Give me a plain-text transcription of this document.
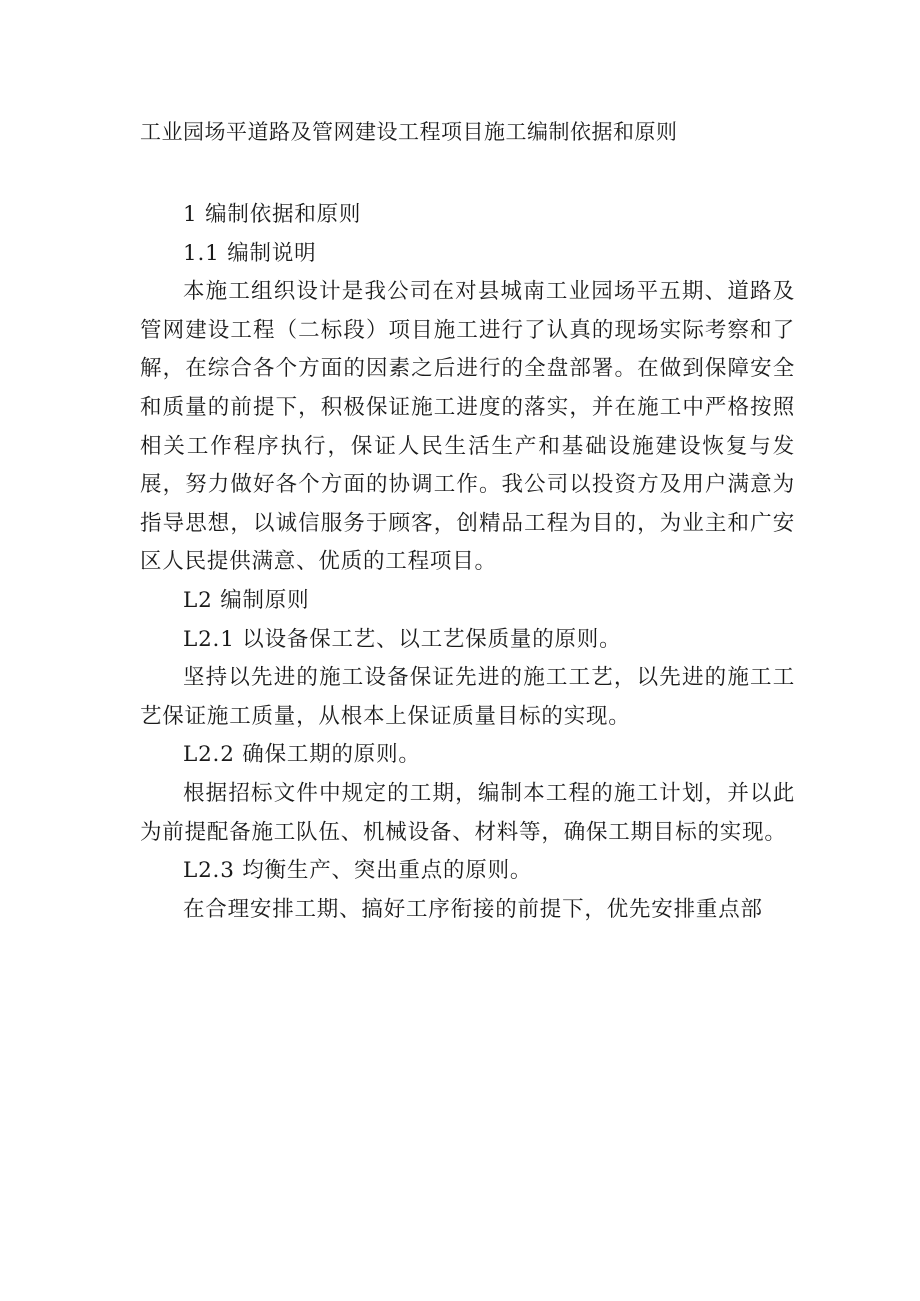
工业园场平道路及管网建设工程项目施工编制依据和原则

1 编制依据和原则

1.1 编制说明

本施工组织设计是我公司在对县城南工业园场平五期、道路及管网建设工程（二标段）项目施工进行了认真的现场实际考察和了解，在综合各个方面的因素之后进行的全盘部署。在做到保障安全和质量的前提下，积极保证施工进度的落实，并在施工中严格按照相关工作程序执行，保证人民生活生产和基础设施建设恢复与发展，努力做好各个方面的协调工作。我公司以投资方及用户满意为指导思想，以诚信服务于顾客，创精品工程为目的，为业主和广安区人民提供满意、优质的工程项目。

L2 编制原则

L2.1 以设备保工艺、以工艺保质量的原则。

坚持以先进的施工设备保证先进的施工工艺，以先进的施工工艺保证施工质量，从根本上保证质量目标的实现。

L2.2 确保工期的原则。

根据招标文件中规定的工期，编制本工程的施工计划，并以此为前提配备施工队伍、机械设备、材料等，确保工期目标的实现。

L2.3 均衡生产、突出重点的原则。

在合理安排工期、搞好工序衔接的前提下，优先安排重点部
